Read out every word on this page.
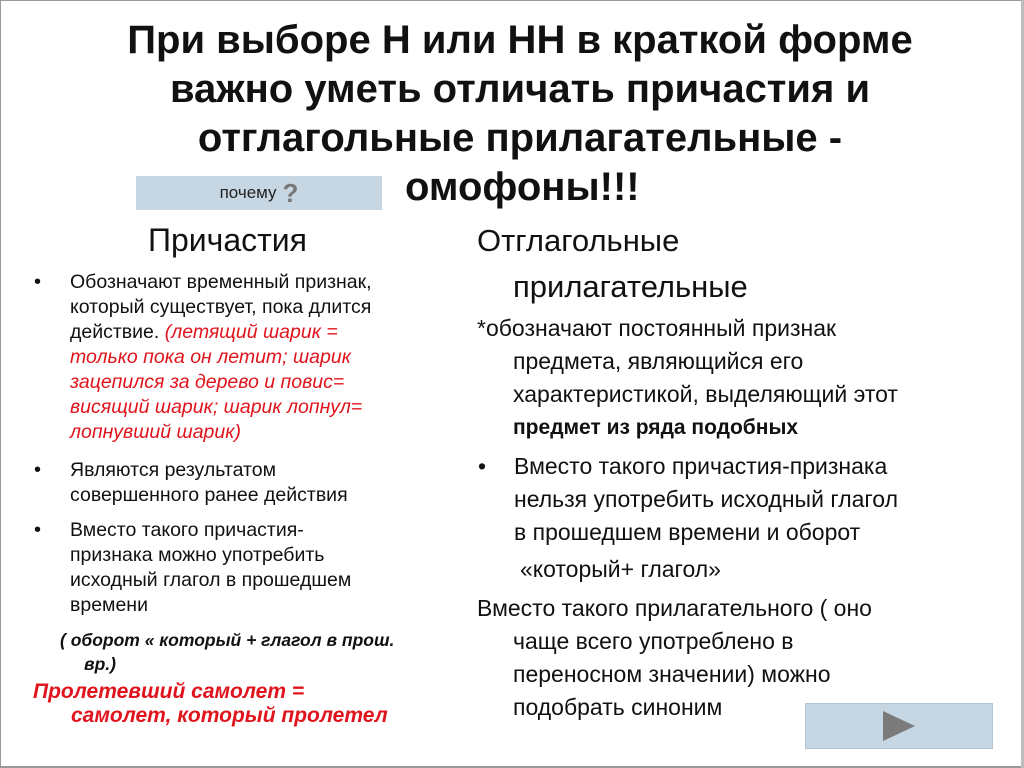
При выборе Н или НН в краткой форме
важно уметь отличать причастия и
отглагольные прилагательные -
омофоны!!!
почему ?
Причастия
• Обозначают временный признак,
который существует, пока длится
действие. (летящий шарик =
только пока он летит; шарик
зацепился за дерево и повис=
висящий шарик; шарик лопнул=
лопнувший шарик)
• Являются результатом
совершенного ранее действия
• Вместо такого причастия-
признака можно употребить
исходный глагол в прошедшем
времени
( оборот « который + глагол в прош.
вр.)
Пролетевший самолет =
самолет, который пролетел
Отглагольные
прилагательные
*обозначают постоянный признак
предмета, являющийся его
характеристикой, выделяющий этот
предмет из ряда подобных
• Вместо такого причастия-признака
нельзя употребить исходный глагол
в прошедшем времени и оборот
«который+ глагол»
Вместо такого прилагательного ( оно
чаще всего употреблено в
переносном значении) можно
подобрать синоним
